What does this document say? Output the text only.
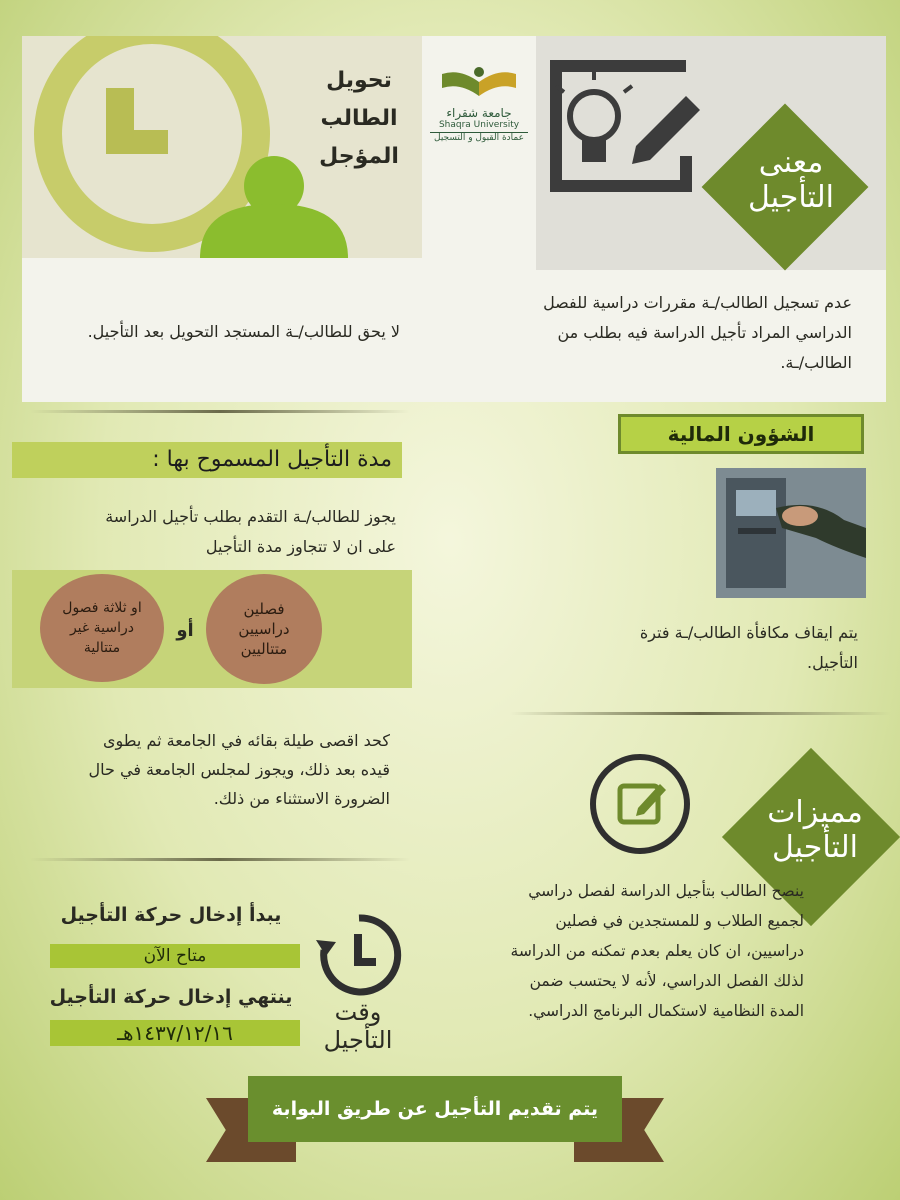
تحويل
الطالب
المؤجل
جامعة شقراء
Shaqra University
عمادة القبول و التسجيل
معنى
التأجيل
عدم تسجيل الطالب/ـة مقررات دراسية للفصل الدراسي المراد تأجيل الدراسة فيه بطلب من الطالب/ـة.
لا يحق للطالب/ـة المستجد التحويل بعد التأجيل.
مدة التأجيل المسموح بها :
يجوز للطالب/ـة التقدم بطلب تأجيل الدراسة على ان لا تتجاوز مدة التأجيل
فصلين دراسيين متتاليين
أو
او ثلاثة فصول دراسية غير متتالية
كحد اقصى طيلة بقائه في الجامعة ثم يطوى قيده بعد ذلك، ويجوز لمجلس الجامعة في حال الضرورة الاستثناء من ذلك.
الشؤون المالية
يتم ايقاف مكافأة الطالب/ـة فترة التأجيل.
مميزات
التأجيل
ينصح الطالب بتأجيل الدراسة لفصل دراسي لجميع الطلاب و للمستجدين في فصلين دراسيين، ان كان يعلم بعدم تمكنه من الدراسة لذلك الفصل الدراسي، لأنه لا يحتسب ضمن المدة النظامية لاستكمال البرنامج الدراسي.
وقت
التأجيل
يبدأ إدخال حركة التأجيل
متاح الآن
ينتهي إدخال حركة التأجيل
١٤٣٧/١٢/١٦هـ
يتم تقديم التأجيل عن طريق البوابة
